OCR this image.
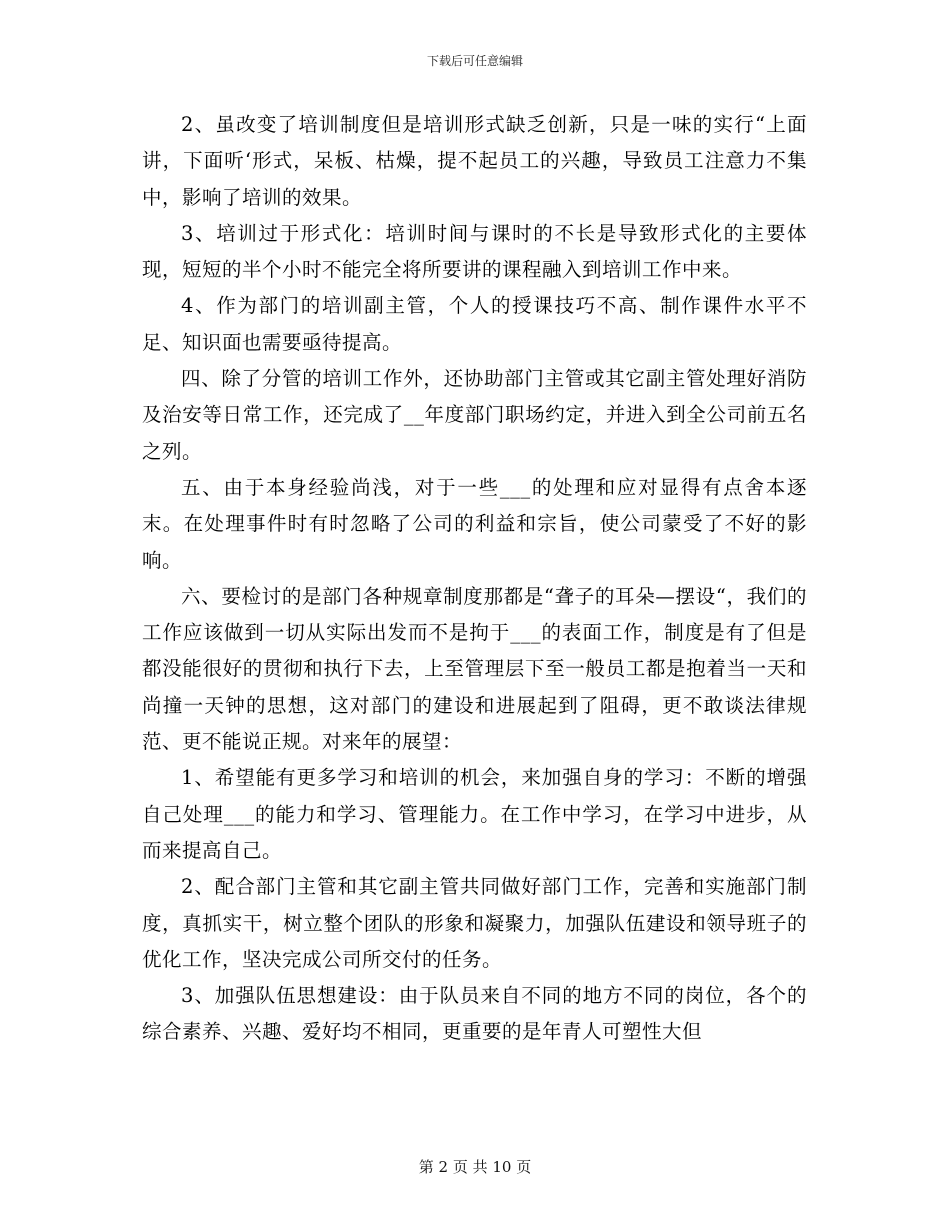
下载后可任意编辑

2、虽改变了培训制度但是培训形式缺乏创新，只是一味的实行“上面讲，下面听‘形式，呆板、枯燥，提不起员工的兴趣，导致员工注意力不集中，影响了培训的效果。

3、培训过于形式化：培训时间与课时的不长是导致形式化的主要体现，短短的半个小时不能完全将所要讲的课程融入到培训工作中来。

4、作为部门的培训副主管，个人的授课技巧不高、制作课件水平不足、知识面也需要亟待提高。

四、除了分管的培训工作外，还协助部门主管或其它副主管处理好消防及治安等日常工作，还完成了__年度部门职场约定，并进入到全公司前五名之列。

五、由于本身经验尚浅，对于一些___的处理和应对显得有点舍本逐末。在处理事件时有时忽略了公司的利益和宗旨，使公司蒙受了不好的影响。

六、要检讨的是部门各种规章制度那都是“聋子的耳朵—摆设“，我们的工作应该做到一切从实际出发而不是拘于___的表面工作，制度是有了但是都没能很好的贯彻和执行下去，上至管理层下至一般员工都是抱着当一天和尚撞一天钟的思想，这对部门的建设和进展起到了阻碍，更不敢谈法律规范、更不能说正规。对来年的展望：

1、希望能有更多学习和培训的机会，来加强自身的学习：不断的增强自己处理___的能力和学习、管理能力。在工作中学习，在学习中进步，从而来提高自己。

2、配合部门主管和其它副主管共同做好部门工作，完善和实施部门制度，真抓实干，树立整个团队的形象和凝聚力，加强队伍建设和领导班子的优化工作，坚决完成公司所交付的任务。

3、加强队伍思想建设：由于队员来自不同的地方不同的岗位，各个的综合素养、兴趣、爱好均不相同，更重要的是年青人可塑性大但

第 2 页 共 10 页
